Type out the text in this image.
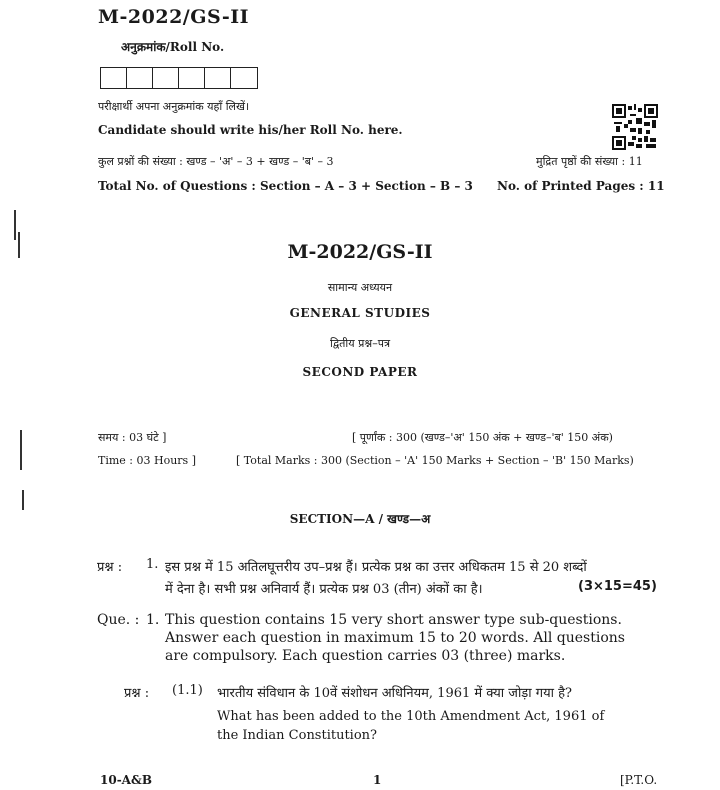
M-2022/GS-II
अनुक्रमांक/Roll No.
परीक्षार्थी अपना अनुक्रमांक यहाँ लिखें।
Candidate should write his/her Roll No. here.
कुल प्रश्नों की संख्या : खण्ड – 'अ' – 3 + खण्ड – 'ब' – 3	मुद्रित पृष्ठों की संख्या : 11
Total No. of Questions : Section – A – 3 + Section – B – 3 No. of Printed Pages : 11
M-2022/GS-II
सामान्य अध्ययन
GENERAL STUDIES
द्वितीय प्रश्न–पत्र
SECOND PAPER
समय : 03 घंटे ]	[ पूर्णांक : 300 (खण्ड–'अ' 150 अंक + खण्ड–'ब' 150 अंक)
Time : 03 Hours ]	[ Total Marks : 300 (Section – 'A' 150 Marks + Section – 'B' 150 Marks)
SECTION—A / खण्ड—अ
प्रश्न : 1. इस प्रश्न में 15 अतिलघूत्तरीय उप–प्रश्न हैं। प्रत्येक प्रश्न का उत्तर अधिकतम 15 से 20 शब्दों
में देना है। सभी प्रश्न अनिवार्य हैं। प्रत्येक प्रश्न 03 (तीन) अंकों का है।	(3×15=45)
Que. : 1. This question contains 15 very short answer type sub-questions.
Answer each question in maximum 15 to 20 words. All questions
are compulsory. Each question carries 03 (three) marks.
प्रश्न : (1.1) भारतीय संविधान के 10वें संशोधन अधिनियम, 1961 में क्या जोड़ा गया है?
What has been added to the 10th Amendment Act, 1961 of
the Indian Constitution?
10-A&B	1	[P.T.O.
